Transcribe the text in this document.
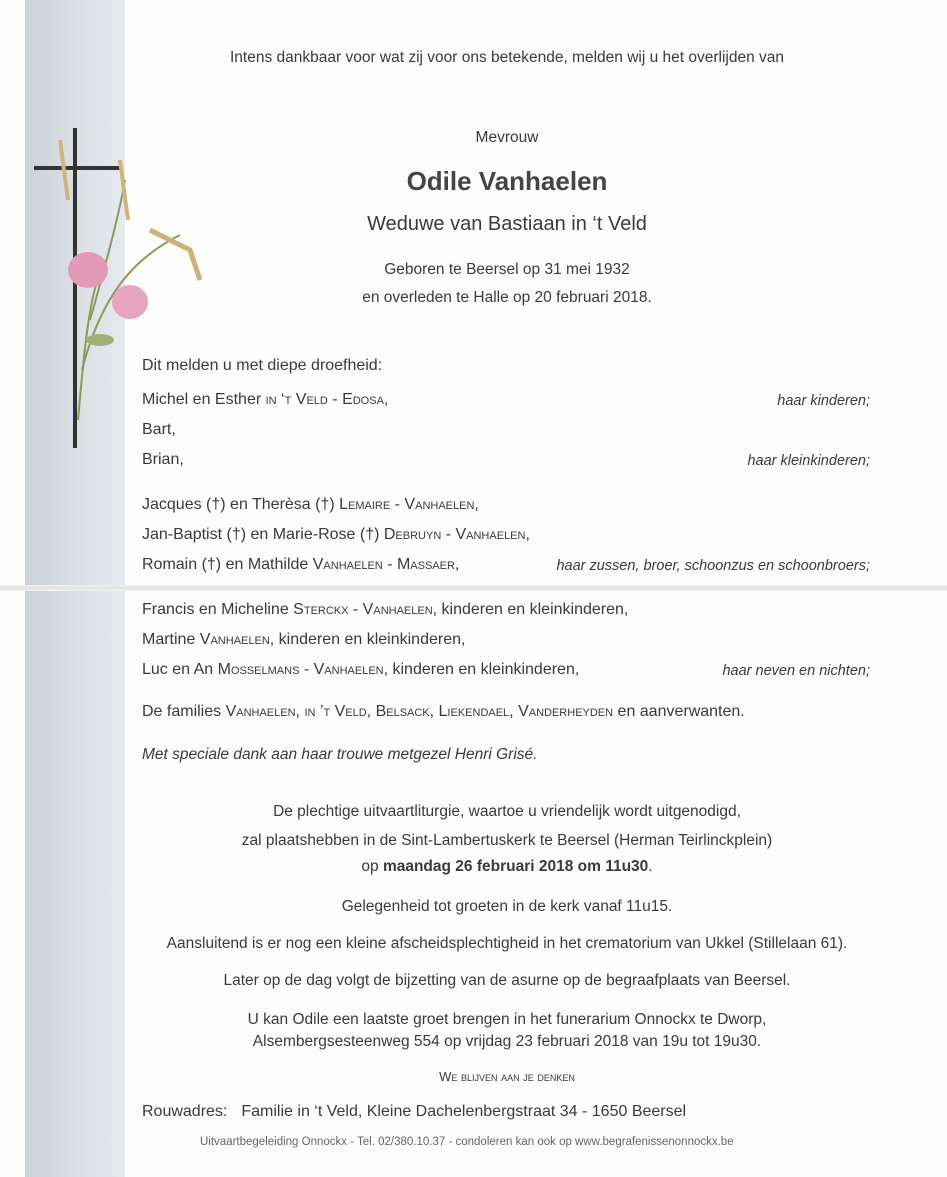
Intens dankbaar voor wat zij voor ons betekende, melden wij u het overlijden van
Mevrouw
Odile Vanhaelen
Weduwe van Bastiaan in ‘t Veld
Geboren te Beersel op 31 mei 1932
en overleden te Halle op 20 februari 2018.
Dit melden u met diepe droefheid:
Michel en Esther in ‘t Veld - Edosa,	haar kinderen;
Bart,
Brian,	haar kleinkinderen;
Jacques (†) en Therèsa (†) Lemaire - Vanhaelen,
Jan-Baptist (†) en Marie-Rose (†) Debruyn - Vanhaelen,
Romain (†) en Mathilde Vanhaelen - Massaer,	haar zussen, broer, schoonzus en schoonbroers;
Francis en Micheline Sterckx - Vanhaelen, kinderen en kleinkinderen,
Martine Vanhaelen, kinderen en kleinkinderen,
Luc en An Mosselmans - Vanhaelen, kinderen en kleinkinderen,	haar neven en nichten;
De families Vanhaelen, in ’t Veld, Belsack, Liekendael, Vanderheyden en aanverwanten.
Met speciale dank aan haar trouwe metgezel Henri Grisé.
De plechtige uitvaartliturgie, waartoe u vriendelijk wordt uitgenodigd,
zal plaatshebben in de Sint-Lambertuskerk te Beersel (Herman Teirlinckplein)
op maandag 26 februari 2018 om 11u30.
Gelegenheid tot groeten in de kerk vanaf 11u15.
Aansluitend is er nog een kleine afscheidsplechtigheid in het crematorium van Ukkel (Stillelaan 61).
Later op de dag volgt de bijzetting van de asurne op de begraafplaats van Beersel.
U kan Odile een laatste groet brengen in het funerarium Onnockx te Dworp,
Alsembergsesteenweg 554 op vrijdag 23 februari 2018 van 19u tot 19u30.
We blijven aan je denken
Rouwadres: Familie in ‘t Veld, Kleine Dachelenbergstraat 34 - 1650 Beersel
Uitvaartbegeleiding Onnockx - Tel. 02/380.10.37 - condoleren kan ook op www.begrafenissenonnockx.be
